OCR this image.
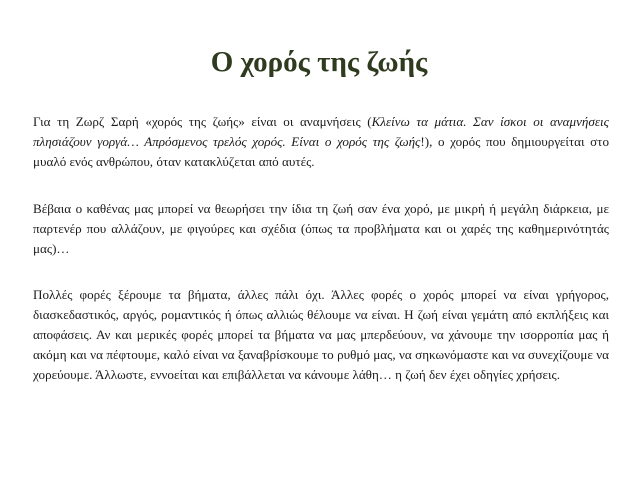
Ο χορός της ζωής

Για τη Ζωρζ Σαρή «χορός της ζωής» είναι οι αναμνήσεις (Κλείνω τα μάτια. Σαν ίσκοι οι αναμνήσεις πλησιάζουν γοργά… Απρόσμενος τρελός χορός. Είναι ο χορός της ζωής!), ο χορός που δημιουργείται στο μυαλό ενός ανθρώπου, όταν κατακλύζεται από αυτές.

Βέβαια ο καθένας μας μπορεί να θεωρήσει την ίδια τη ζωή σαν ένα χορό, με μικρή ή μεγάλη διάρκεια, με παρτενέρ που αλλάζουν, με φιγούρες και σχέδια (όπως τα προβλήματα και οι χαρές της καθημερινότητάς μας)…

Πολλές φορές ξέρουμε τα βήματα, άλλες πάλι όχι. Άλλες φορές ο χορός μπορεί να είναι γρήγορος, διασκεδαστικός, αργός, ρομαντικός ή όπως αλλιώς θέλουμε να είναι. Η ζωή είναι γεμάτη από εκπλήξεις και αποφάσεις. Αν και μερικές φορές μπορεί τα βήματα να μας μπερδεύουν, να χάνουμε την ισορροπία μας ή ακόμη και να πέφτουμε, καλό είναι να ξαναβρίσκουμε το ρυθμό μας, να σηκωνόμαστε και να συνεχίζουμε να χορεύουμε. Άλλωστε, εννοείται και επιβάλλεται να κάνουμε λάθη… η ζωή δεν έχει οδηγίες χρήσεις.
